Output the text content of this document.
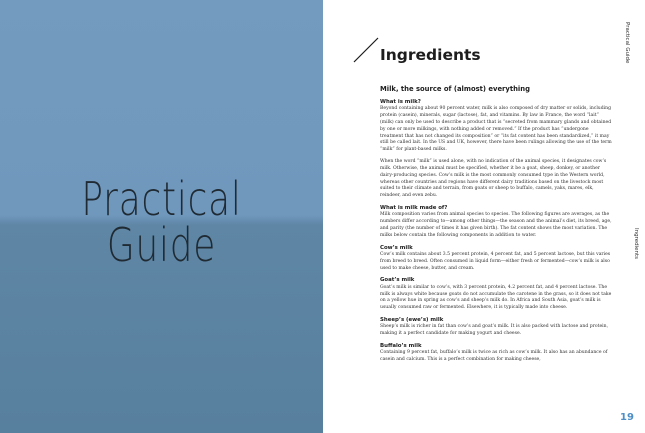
Practical
Guide
Ingredients	Practical Guide
Ingredients
Milk, the source of (almost) everything
What is milk?

Beyond containing about 90 percent water, milk is also composed of dry matter or solids, including protein (casein), minerals, sugar (lactose), fat, and vitamins. By law in France, the word “lait” (milk) can only be used to describe a product that is “secreted from mammary glands and obtained by one or more milkings, with nothing added or removed.” If the product has “undergone treatment that has not changed its composition” or “its fat content has been standardized,” it may still be called lait. In the US and UK, however, there have been rulings allowing the use of the term “milk” for plant-based milks.

When the word “milk” is used alone, with no indication of the animal species, it designates cow’s milk. Otherwise, the animal must be specified, whether it be a goat, sheep, donkey, or another dairy-producing species. Cow’s milk is the most commonly consumed type in the Western world, whereas other countries and regions have different dairy traditions based on the livestock most suited to their climate and terrain, from goats or sheep to buffalo, camels, yaks, mares, elk, reindeer, and even zebu.

What is milk made of?

Milk composition varies from animal species to species. The following figures are averages, as the numbers differ according to—among other things—the season and the animal’s diet, its breed, age, and parity (the number of times it has given birth). The fat content shows the most variation. The milks below contain the following components in addition to water.

Cow’s milk

Cow’s milk contains about 3.5 percent protein, 4 percent fat, and 5 percent lactose, but this varies from breed to breed. Often consumed in liquid form—either fresh or fermented—cow’s milk is also used to make cheese, butter, and cream.

Goat’s milk

Goat’s milk is similar to cow’s, with 3 percent protein, 4.2 percent fat, and 4 percent lactose. The milk is always white because goats do not accumulate the carotene in the grass, so it does not take on a yellow hue in spring as cow’s and sheep’s milk do. In Africa and South Asia, goat’s milk is usually consumed raw or fermented. Elsewhere, it is typically made into cheese.

Sheep’s (ewe’s) milk

Sheep’s milk is richer in fat than cow’s and goat’s milk. It is also packed with lactose and protein, making it a perfect candidate for making yogurt and cheese.

Buffalo’s milk

Containing 9 percent fat, buffalo’s milk is twice as rich as cow’s milk. It also has an abundance of casein and calcium. This is a perfect combination for making cheese,

19
